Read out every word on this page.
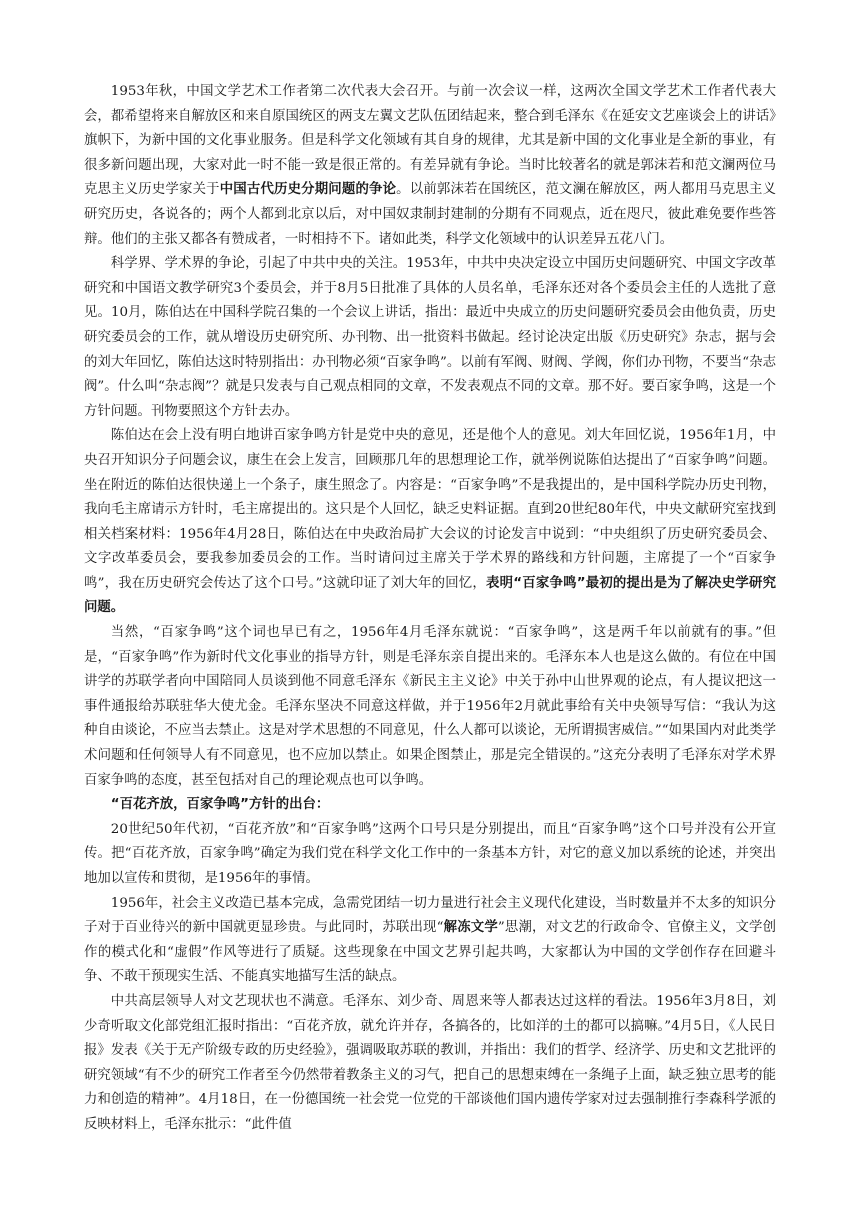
1953年秋，中国文学艺术工作者第二次代表大会召开。与前一次会议一样，这两次全国文学艺术工作者代表大会，都希望将来自解放区和来自原国统区的两支左翼文艺队伍团结起来，整合到毛泽东《在延安文艺座谈会上的讲话》旗帜下，为新中国的文化事业服务。但是科学文化领域有其自身的规律，尤其是新中国的文化事业是全新的事业，有很多新问题出现，大家对此一时不能一致是很正常的。有差异就有争论。当时比较著名的就是郭沫若和范文澜两位马克思主义历史学家关于中国古代历史分期问题的争论。以前郭沫若在国统区，范文澜在解放区，两人都用马克思主义研究历史，各说各的；两个人都到北京以后，对中国奴隶制封建制的分期有不同观点，近在咫尺，彼此难免要作些答辩。他们的主张又都各有赞成者，一时相持不下。诸如此类，科学文化领域中的认识差异五花八门。

科学界、学术界的争论，引起了中共中央的关注。1953年，中共中央决定设立中国历史问题研究、中国文字改革研究和中国语文教学研究3个委员会，并于8月5日批准了具体的人员名单，毛泽东还对各个委员会主任的人选批了意见。10月，陈伯达在中国科学院召集的一个会议上讲话，指出：最近中央成立的历史问题研究委员会由他负责，历史研究委员会的工作，就从增设历史研究所、办刊物、出一批资料书做起。经讨论决定出版《历史研究》杂志，据与会的刘大年回忆，陈伯达这时特别指出：办刊物必须“百家争鸣”。以前有军阀、财阀、学阀，你们办刊物，不要当“杂志阀”。什么叫“杂志阀”？就是只发表与自己观点相同的文章，不发表观点不同的文章。那不好。要百家争鸣，这是一个方针问题。刊物要照这个方针去办。

陈伯达在会上没有明白地讲百家争鸣方针是党中央的意见，还是他个人的意见。刘大年回忆说，1956年1月，中央召开知识分子问题会议，康生在会上发言，回顾那几年的思想理论工作，就举例说陈伯达提出了“百家争鸣”问题。坐在附近的陈伯达很快递上一个条子，康生照念了。内容是：“百家争鸣”不是我提出的，是中国科学院办历史刊物，我向毛主席请示方针时，毛主席提出的。这只是个人回忆，缺乏史料证据。直到20世纪80年代，中央文献研究室找到相关档案材料：1956年4月28日，陈伯达在中央政治局扩大会议的讨论发言中说到：“中央组织了历史研究委员会、文字改革委员会，要我参加委员会的工作。当时请问过主席关于学术界的路线和方针问题，主席提了一个“百家争鸣”，我在历史研究会传达了这个口号。”这就印证了刘大年的回忆，表明“百家争鸣”最初的提出是为了解决史学研究问题。

当然，“百家争鸣”这个词也早已有之，1956年4月毛泽东就说：“百家争鸣”，这是两千年以前就有的事。”但是，“百家争鸣”作为新时代文化事业的指导方针，则是毛泽东亲自提出来的。毛泽东本人也是这么做的。有位在中国讲学的苏联学者向中国陪同人员谈到他不同意毛泽东《新民主主义论》中关于孙中山世界观的论点，有人提议把这一事件通报给苏联驻华大使尤金。毛泽东坚决不同意这样做，并于1956年2月就此事给有关中央领导写信：“我认为这种自由谈论，不应当去禁止。这是对学术思想的不同意见，什么人都可以谈论，无所谓损害威信。”“如果国内对此类学术问题和任何领导人有不同意见，也不应加以禁止。如果企图禁止，那是完全错误的。”这充分表明了毛泽东对学术界百家争鸣的态度，甚至包括对自己的理论观点也可以争鸣。

“百花齐放，百家争鸣”方针的出台：

20世纪50年代初，“百花齐放”和“百家争鸣”这两个口号只是分别提出，而且“百家争鸣”这个口号并没有公开宣传。把“百花齐放，百家争鸣”确定为我们党在科学文化工作中的一条基本方针，对它的意义加以系统的论述，并突出地加以宣传和贯彻，是1956年的事情。

1956年，社会主义改造已基本完成，急需党团结一切力量进行社会主义现代化建设，当时数量并不太多的知识分子对于百业待兴的新中国就更显珍贵。与此同时，苏联出现“解冻文学”思潮，对文艺的行政命令、官僚主义，文学创作的模式化和“虚假”作风等进行了质疑。这些现象在中国文艺界引起共鸣，大家都认为中国的文学创作存在回避斗争、不敢干预现实生活、不能真实地描写生活的缺点。

中共高层领导人对文艺现状也不满意。毛泽东、刘少奇、周恩来等人都表达过这样的看法。1956年3月8日，刘少奇听取文化部党组汇报时指出：“百花齐放，就允许并存，各搞各的，比如洋的土的都可以搞嘛。”4月5日，《人民日报》发表《关于无产阶级专政的历史经验》，强调吸取苏联的教训，并指出：我们的哲学、经济学、历史和文艺批评的研究领域“有不少的研究工作者至今仍然带着教条主义的习气，把自己的思想束缚在一条绳子上面，缺乏独立思考的能力和创造的精神”。4月18日，在一份德国统一社会党一位党的干部谈他们国内遗传学家对过去强制推行李森科学派的反映材料上，毛泽东批示：“此件值
